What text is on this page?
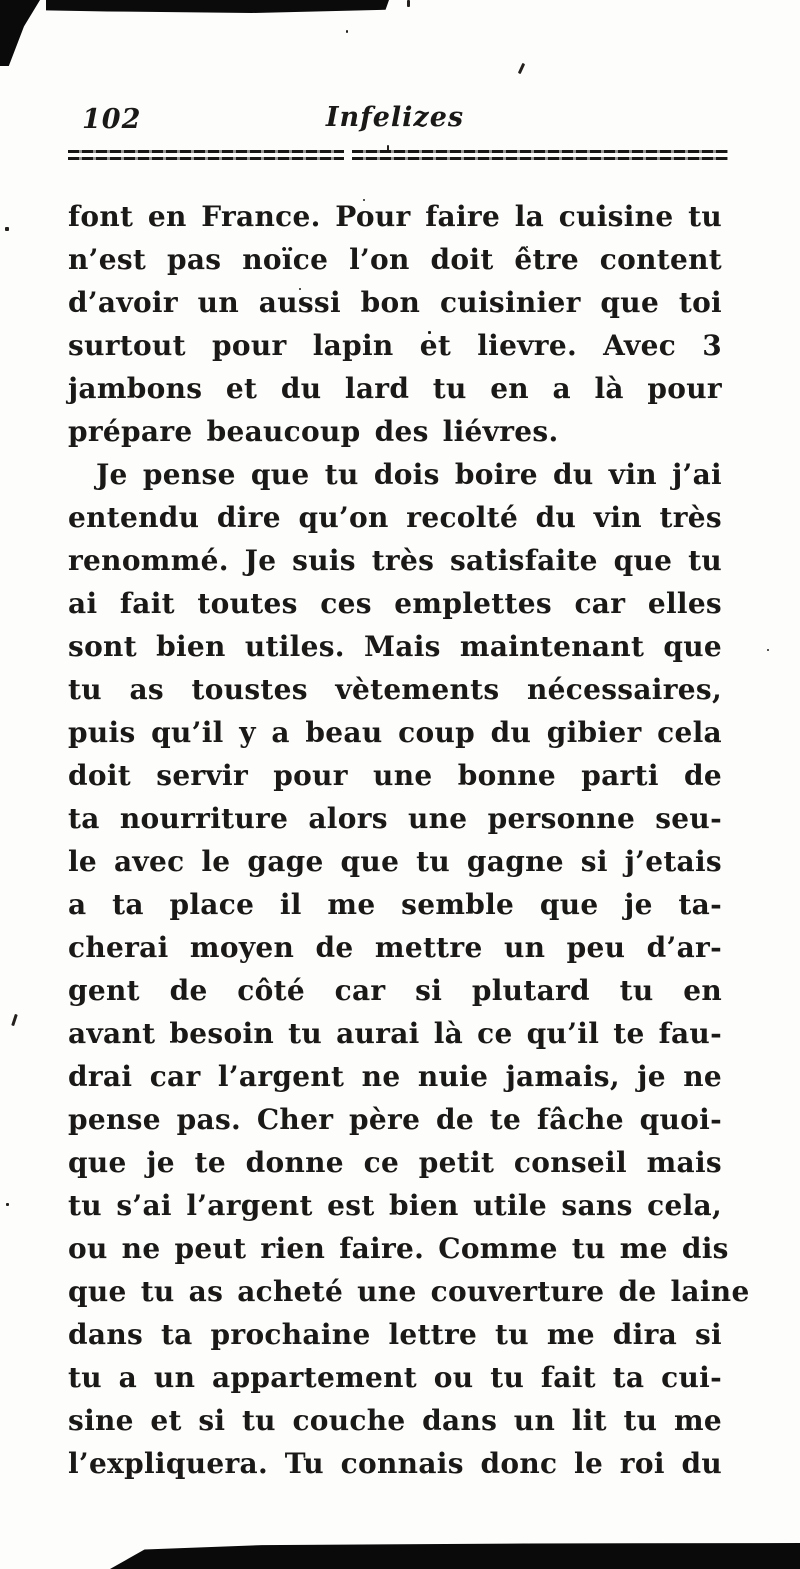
102	Infelizes
font en France. Pour faire la cuisine tu
n’est pas noïce l’on doit être content
d’avoir un aussi bon cuisinier que toi
surtout pour lapin et lievre. Avec 3
jambons et du lard tu en a là pour
prépare beaucoup des liévres.
Je pense que tu dois boire du vin j’ai
entendu dire qu’on recolté du vin très
renommé. Je suis très satisfaite que tu
ai fait toutes ces emplettes car elles
sont bien utiles. Mais maintenant que
tu as toustes vètements nécessaires,
puis qu’il y a beau coup du gibier cela
doit servir pour une bonne parti de
ta nourriture alors une personne seu-
le avec le gage que tu gagne si j’etais
a ta place il me semble que je ta-
cherai moyen de mettre un peu d’ar-
gent de côté car si plutard tu en
avant besoin tu aurai là ce qu’il te fau-
drai car l’argent ne nuie jamais, je ne
pense pas. Cher père de te fâche quoi-
que je te donne ce petit conseil mais
tu s’ai l’argent est bien utile sans cela,
ou ne peut rien faire. Comme tu me dis
que tu as acheté une couverture de laine
dans ta prochaine lettre tu me dira si
tu a un appartement ou tu fait ta cui-
sine et si tu couche dans un lit tu me
l’expliquera. Tu connais donc le roi du
